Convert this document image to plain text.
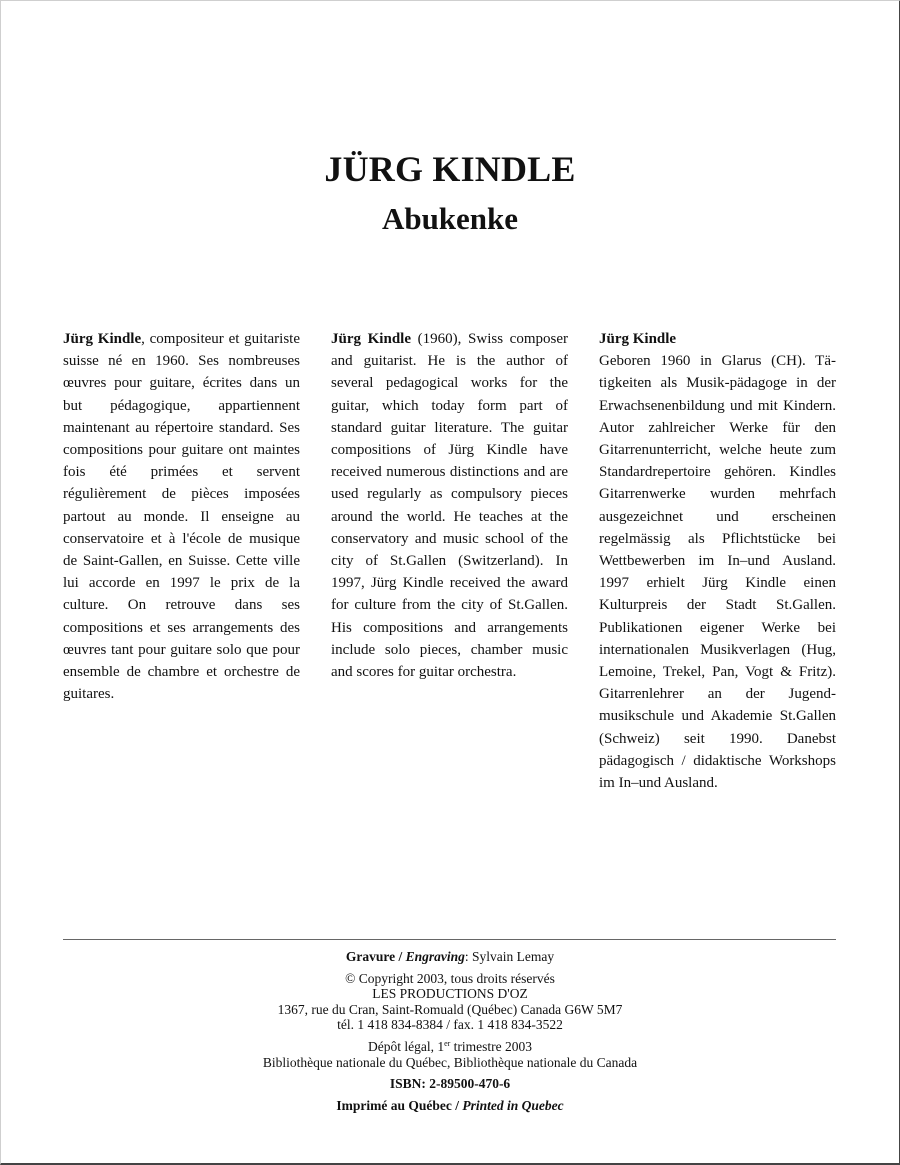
JÜRG KINDLE
Abukenke
Jürg Kindle, compositeur et guitariste suisse né en 1960. Ses nombreuses œuvres pour guitare, écrites dans un but pédagogique, appartiennent maintenant au répertoire standard. Ses compositions pour guitare ont maintes fois été primées et servent régulièrement de pièces imposées partout au monde. Il enseigne au conservatoire et à l'école de musique de Saint-Gallen, en Suisse. Cette ville lui accorde en 1997 le prix de la culture. On retrouve dans ses compositions et ses arrangements des œuvres tant pour guitare solo que pour ensemble de chambre et orchestre de guitares.
Jürg Kindle (1960), Swiss composer and guitarist. He is the author of several pedagogical works for the guitar, which today form part of standard guitar literature. The guitar compositions of Jürg Kindle have received numerous distinctions and are used regularly as compulsory pieces around the world. He teaches at the conservatory and music school of the city of St.Gallen (Switzerland). In 1997, Jürg Kindle received the award for culture from the city of St.Gallen. His compositions and arrangements include solo pieces, chamber music and scores for guitar orchestra.
Jürg Kindle
Geboren 1960 in Glarus (CH). Tätigkeiten als Musik-pädagoge in der Erwachsenenbildung und mit Kindern. Autor zahlreicher Werke für den Gitarrenunterricht, welche heute zum Standardrepertoire gehören. Kindles Gitarrenwerke wurden mehrfach ausgezeichnet und erscheinen regelmässig als Pflichtstücke bei Wettbewerben im In–und Ausland. 1997 erhielt Jürg Kindle einen Kulturpreis der Stadt St.Gallen. Publikationen eigener Werke bei internationalen Musikverlagen (Hug, Lemoine, Trekel, Pan, Vogt & Fritz). Gitarrenlehrer an der Jugend-musikschule und Akademie St.Gallen (Schweiz) seit 1990. Danebst pädagogisch / didaktische Workshops im In–und Ausland.
Gravure / Engraving: Sylvain Lemay
© Copyright 2003, tous droits réservés
LES PRODUCTIONS D'OZ
1367, rue du Cran, Saint-Romuald (Québec) Canada G6W 5M7
tél. 1 418 834-8384 / fax. 1 418 834-3522
Dépôt légal, 1er trimestre 2003
Bibliothèque nationale du Québec, Bibliothèque nationale du Canada
ISBN: 2-89500-470-6
Imprimé au Québec / Printed in Quebec
